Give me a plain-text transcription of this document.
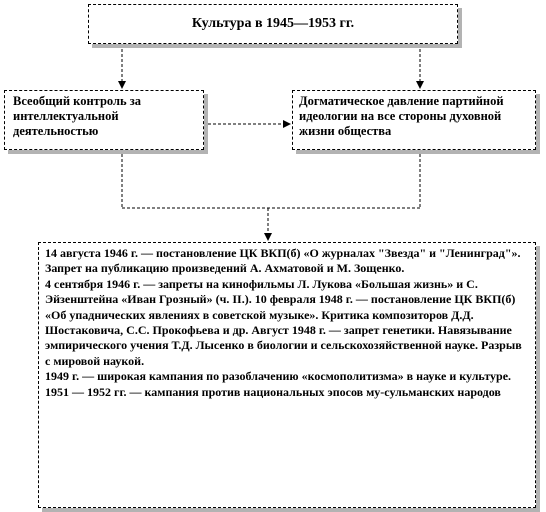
Культура в 1945—1953 гг.
Всеобщий контроль за интеллектуальной деятельностью
Догматическое давление партийной идеологии на все стороны духовной жизни общества

14 августа 1946 г. — постановление ЦК ВКП(б) «О журналах "Звезда" и "Ленинград"». Запрет на публикацию произведений А. Ахматовой и М. Зощенко.

4 сентября 1946 г. — запреты на кинофильмы Л. Лукова «Большая жизнь» и С. Эйзенштейна «Иван Грозный» (ч. II.). 10 февраля 1948 г. — постановление ЦК ВКП(б) «Об упаднических явлениях в советской музыке». Критика композиторов Д.Д. Шостаковича, С.С. Прокофьева и др. Август 1948 г. — запрет генетики. Навязывание эмпирического учения Т.Д. Лысенко в биологии и сельскохозяйственной науке. Разрыв с мировой наукой.

1949 г. — широкая кампания по разоблачению «космополитизма» в науке и культуре.

1951 — 1952 гг. — кампания против национальных эпосов му-сульманских народов
